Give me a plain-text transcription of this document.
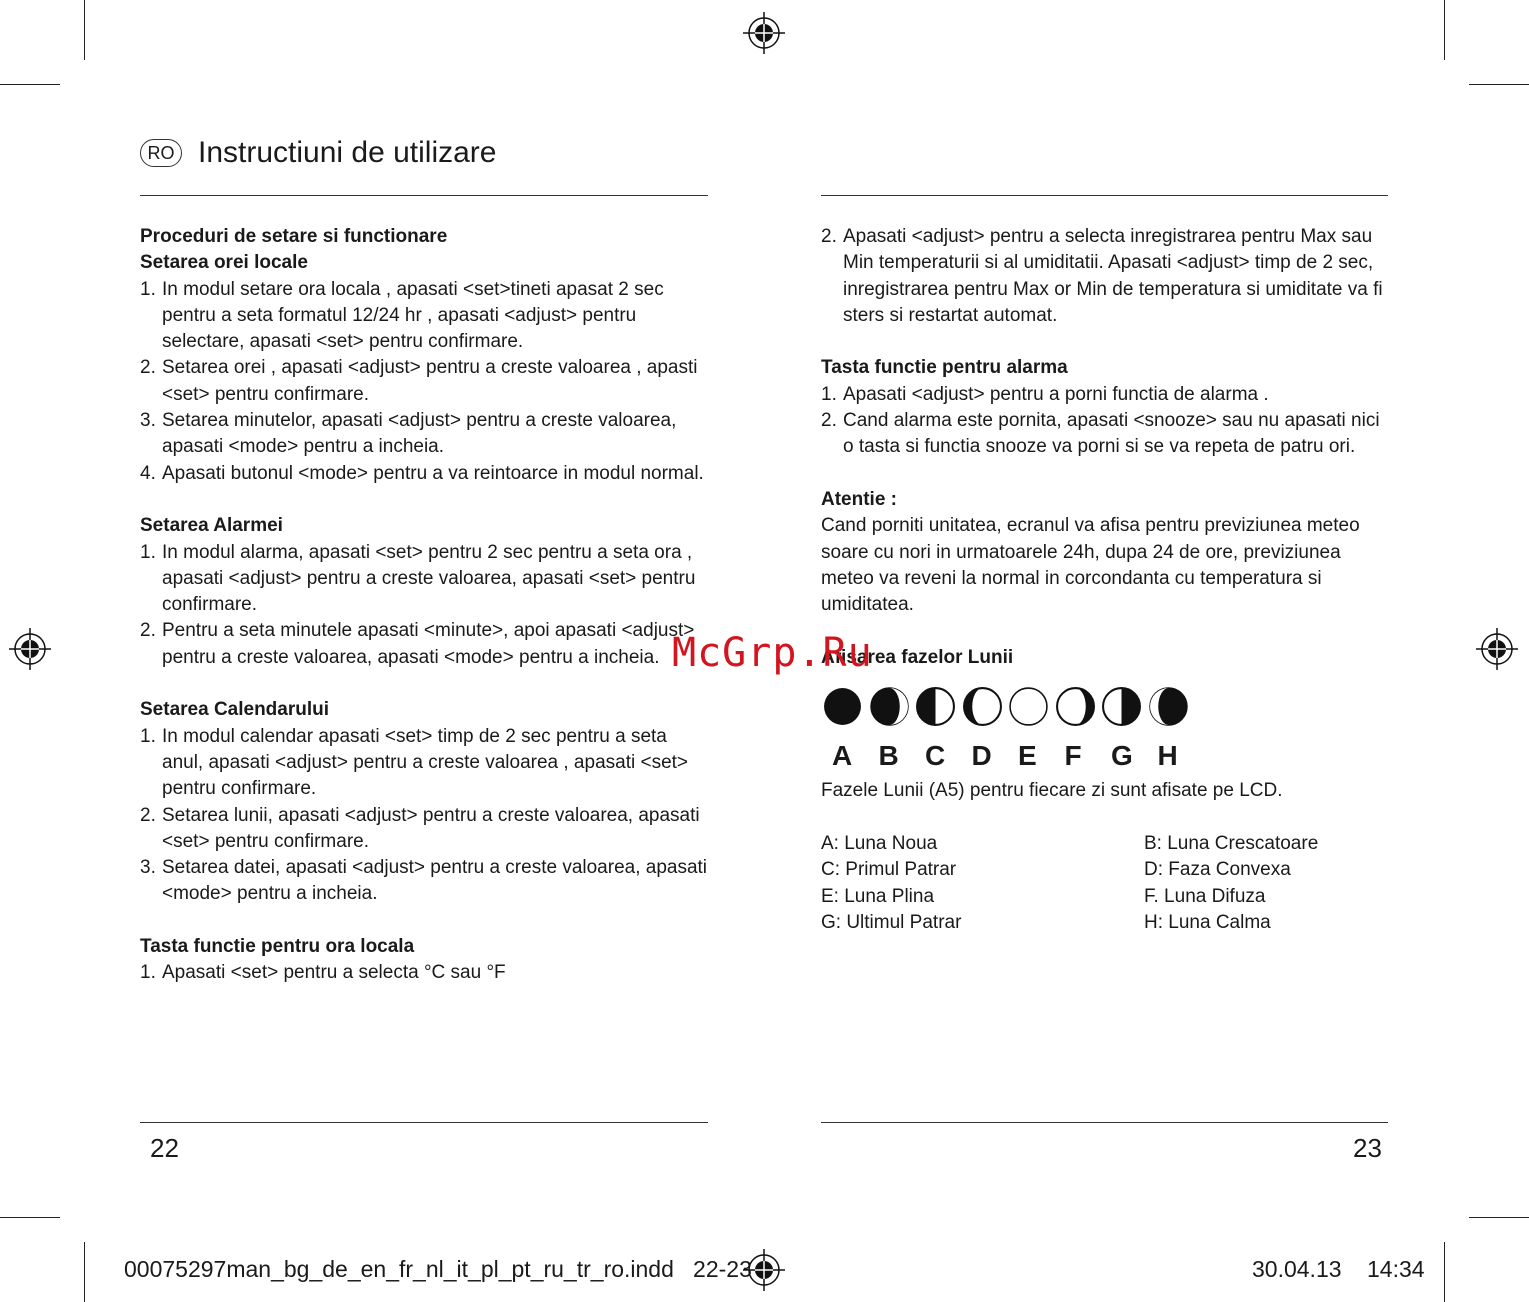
RO Instructiuni de utilizare
Proceduri de setare si functionare
Setarea orei locale
1. In modul setare ora locala , apasati <set>tineti apasat 2 sec pentru a seta formatul 12/24 hr , apasati <adjust> pentru selectare, apasati <set> pentru confirmare.
2. Setarea orei , apasati <adjust> pentru a creste valoarea , apasti <set> pentru confirmare.
3. Setarea minutelor, apasati <adjust> pentru a creste valoarea, apasati <mode> pentru a incheia.
4. Apasati butonul <mode> pentru a va reintoarce in modul normal.
Setarea Alarmei
1. In modul alarma, apasati <set> pentru 2 sec pentru a seta ora , apasati <adjust> pentru a creste valoarea, apasati <set> pentru confirmare.
2. Pentru a seta minutele apasati <minute>, apoi apasati <adjust> pentru a creste valoarea, apasati <mode> pentru a incheia.
Setarea Calendarului
1. In modul calendar apasati <set> timp de 2 sec pentru a seta anul, apasati <adjust> pentru a creste valoarea , apasati <set> pentru confirmare.
2. Setarea lunii, apasati <adjust> pentru a creste valoarea, apasati <set> pentru confirmare.
3. Setarea datei, apasati <adjust> pentru a creste valoarea, apasati <mode> pentru a incheia.
Tasta functie pentru ora locala
1. Apasati <set> pentru a selecta °C sau °F
2. Apasati <adjust> pentru a selecta inregistrarea pentru Max sau Min temperaturii si al umiditatii. Apasati <adjust> timp de 2 sec, inregistrarea pentru Max or Min de temperatura si umiditate va fi sters si restartat automat.
Tasta functie pentru alarma
1. Apasati <adjust> pentru a porni functia de alarma .
2. Cand alarma este pornita, apasati <snooze> sau nu apasati nici o tasta si functia snooze va porni si se va repeta de patru ori.
Atentie :
Cand porniti unitatea, ecranul va afisa pentru previziunea meteo soare cu nori in urmatoarele 24h, dupa 24 de ore, previziunea meteo va reveni la normal in corcondanta cu temperatura si umiditatea.
Afisarea fazelor Lunii
A B C D E F	G H
Fazele Lunii (A5) pentru fiecare zi sunt afisate pe LCD.
A: Luna Noua	B: Luna Crescatoare
C: Primul Patrar	D: Faza Convexa
E: Luna Plina	F. Luna Difuza
G: Ultimul Patrar	H: Luna Calma
McGrp.Ru
22	23
00075297man_bg_de_en_fr_nl_it_pl_pt_ru_tr_ro.indd   22-23	30.04.13 14:34
